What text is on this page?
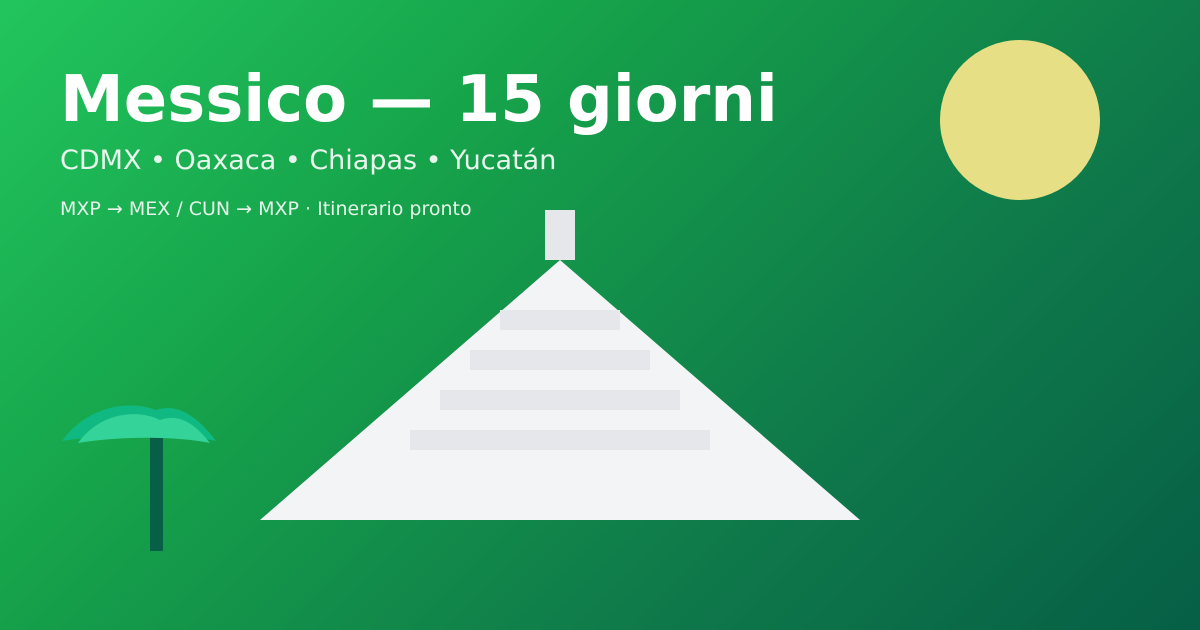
Messico — 15 giorni
CDMX • Oaxaca • Chiapas • Yucatán
MXP → MEX / CUN → MXP · Itinerario pronto
